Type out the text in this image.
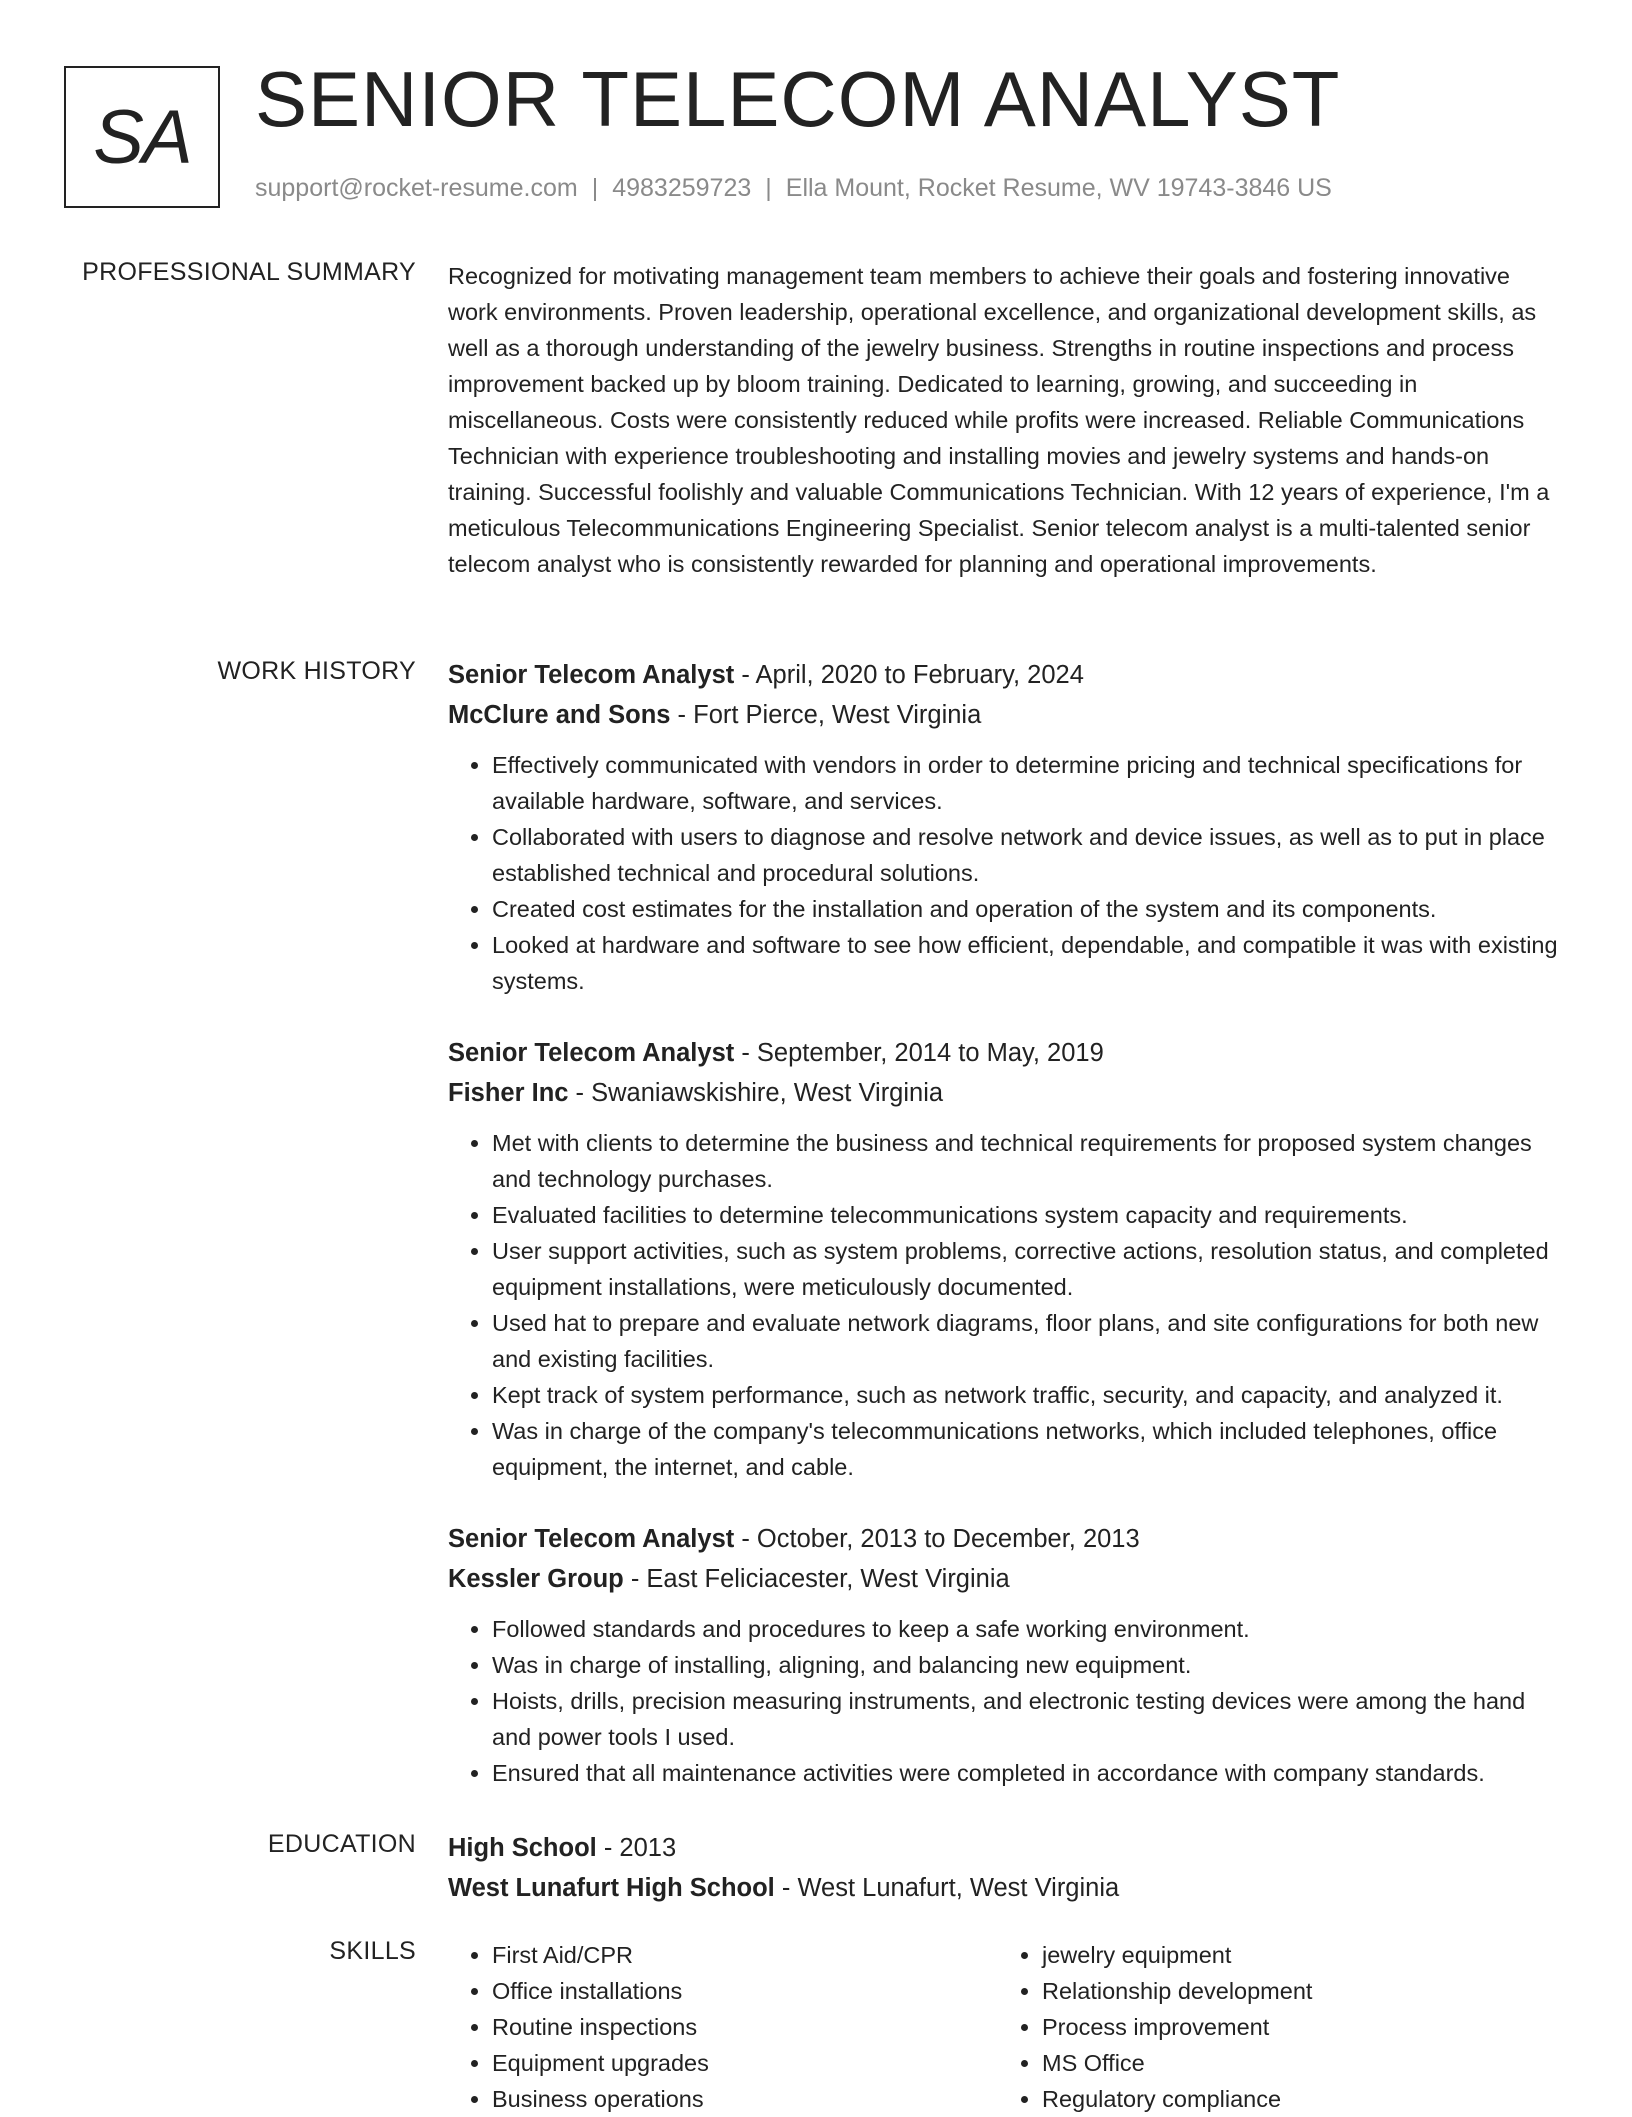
SA SENIOR TELECOM ANALYST
support@rocket-resume.com | 4983259723 | Ella Mount, Rocket Resume, WV 19743-3846 US
PROFESSIONAL SUMMARY Recognized for motivating management team members to achieve their goals and fostering innovative work environments. Proven leadership, operational excellence, and organizational development skills, as well as a thorough understanding of the jewelry business. Strengths in routine inspections and process improvement backed up by bloom training. Dedicated to learning, growing, and succeeding in miscellaneous. Costs were consistently reduced while profits were increased. Reliable Communications Technician with experience troubleshooting and installing movies and jewelry systems and hands-on training. Successful foolishly and valuable Communications Technician. With 12 years of experience, I'm a meticulous Telecommunications Engineering Specialist. Senior telecom analyst is a multi-talented senior telecom analyst who is consistently rewarded for planning and operational improvements.

WORK HISTORY Senior Telecom Analyst - April, 2020 to February, 2024
McClure and Sons - Fort Pierce, West Virginia
• Effectively communicated with vendors in order to determine pricing and technical specifications for available hardware, software, and services.
• Collaborated with users to diagnose and resolve network and device issues, as well as to put in place established technical and procedural solutions.
• Created cost estimates for the installation and operation of the system and its components.
• Looked at hardware and software to see how efficient, dependable, and compatible it was with existing systems.
Senior Telecom Analyst - September, 2014 to May, 2019
Fisher Inc - Swaniawskishire, West Virginia
• Met with clients to determine the business and technical requirements for proposed system changes and technology purchases.
• Evaluated facilities to determine telecommunications system capacity and requirements.
• User support activities, such as system problems, corrective actions, resolution status, and completed equipment installations, were meticulously documented.
• Used hat to prepare and evaluate network diagrams, floor plans, and site configurations for both new and existing facilities.
• Kept track of system performance, such as network traffic, security, and capacity, and analyzed it.
• Was in charge of the company's telecommunications networks, which included telephones, office equipment, the internet, and cable.
Senior Telecom Analyst - October, 2013 to December, 2013
Kessler Group - East Feliciacester, West Virginia
• Followed standards and procedures to keep a safe working environment.
• Was in charge of installing, aligning, and balancing new equipment.
• Hoists, drills, precision measuring instruments, and electronic testing devices were among the hand and power tools I used.
• Ensured that all maintenance activities were completed in accordance with company standards.
EDUCATION High School - 2013
West Lunafurt High School - West Lunafurt, West Virginia
SKILLS
•	First Aid/CPR
• Office installations
• Routine inspections
• Equipment upgrades
• Business operations
• jewelry equipment
• Relationship development
• Process improvement
• MS Office
• Regulatory compliance
